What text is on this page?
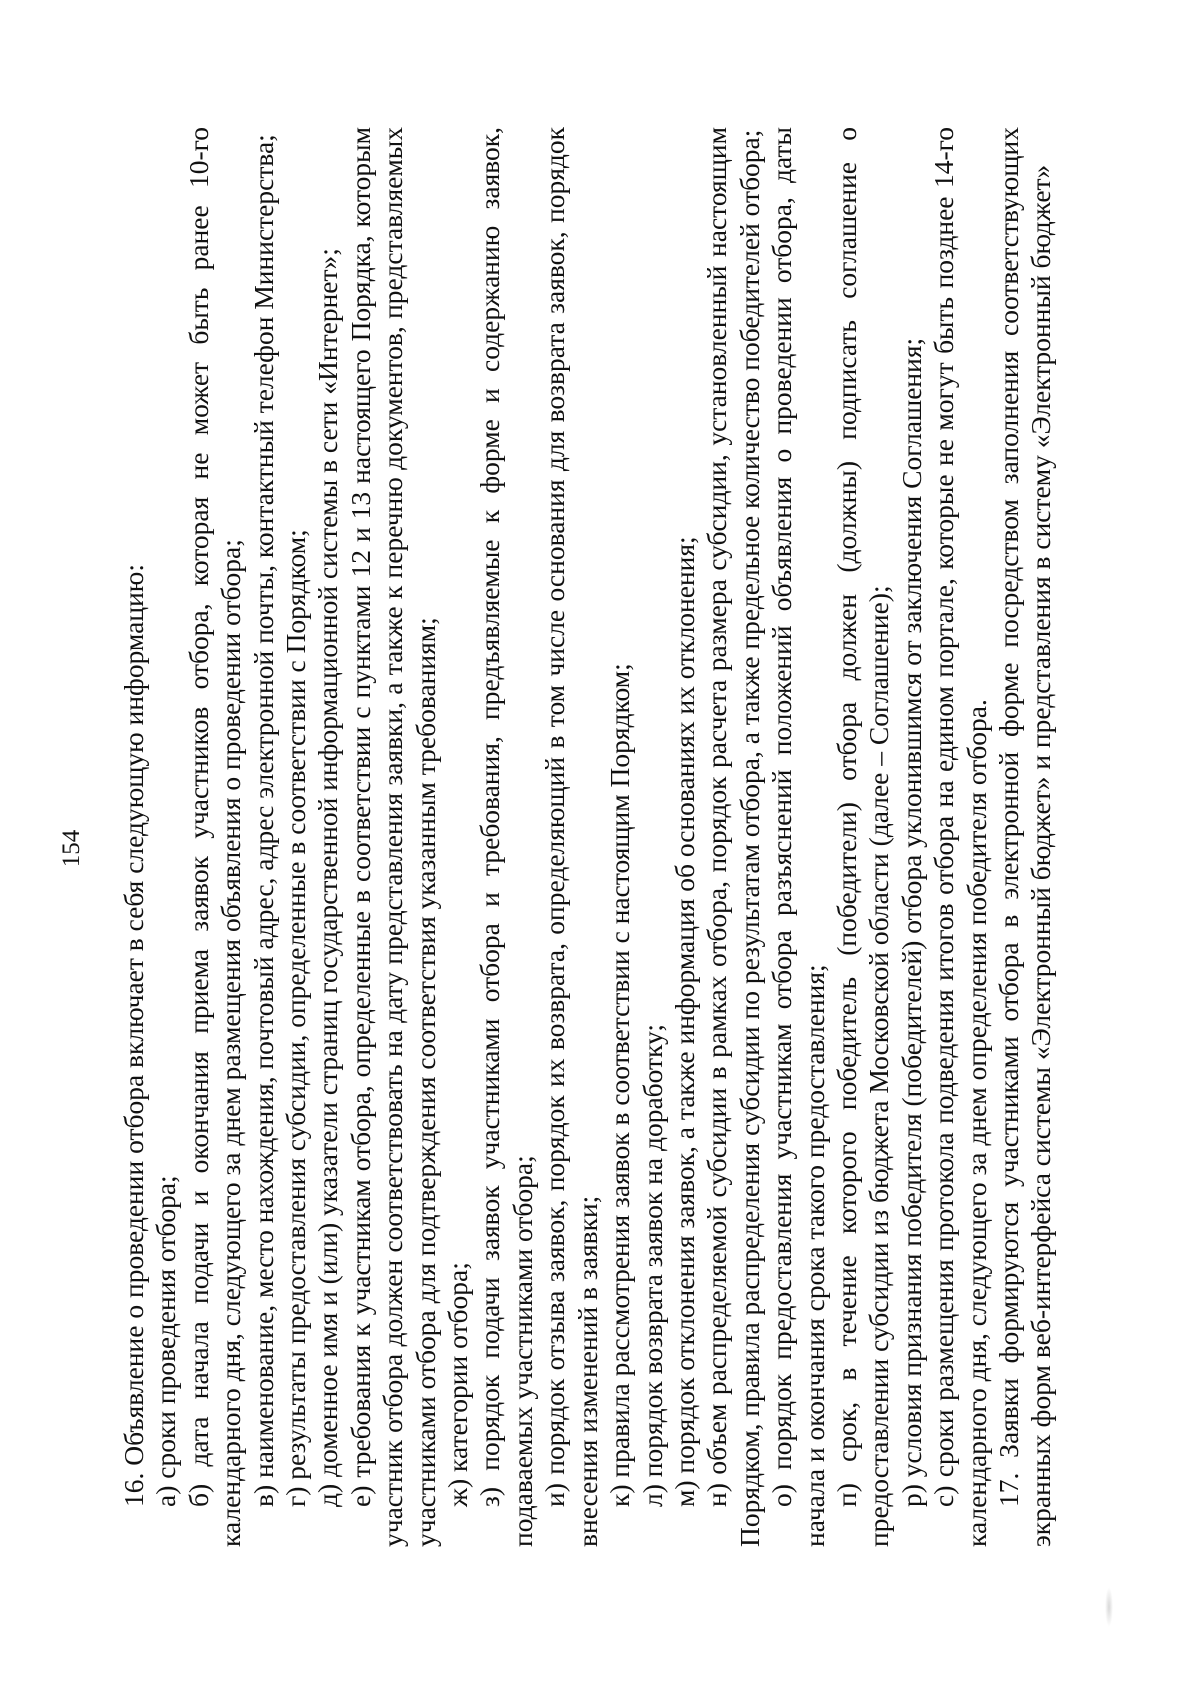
154 16. Объявление о проведении отбора включает в себя следующую информацию: а) сроки проведения отбора; б) дата начала подачи и окончания приема заявок участников отбора, которая не может быть ранее 10-го календарного дня, следующего за днем размещения объявления о проведении отбора; в) наименование, место нахождения, почтовый адрес, адрес электронной почты, контактный телефон Министерства; г) результаты предоставления субсидии, определенные в соответствии с Порядком; д) доменное имя и (или) указатели страниц государственной информационной системы в сети «Интернет»; е) требования к участникам отбора, определенные в соответствии с пунктами 12 и 13 настоящего Порядка, которым участник отбора должен соответствовать на дату представления заявки, а также к перечню документов, представляемых участниками отбора для подтверждения соответствия указанным требованиям; ж) категории отбора; з) порядок подачи заявок участниками отбора и требования, предъявляемые к форме и содержанию заявок, подаваемых участниками отбора; и) порядок отзыва заявок, порядок их возврата, определяющий в том числе основания для возврата заявок, порядок внесения изменений в заявки; к) правила рассмотрения заявок в соответствии с настоящим Порядком; л) порядок возврата заявок на доработку; м) порядок отклонения заявок, а также информация об основаниях их отклонения; н) объем распределяемой субсидии в рамках отбора, порядок расчета размера субсидии, установленный настоящим Порядком, правила распределения субсидии по результатам отбора, а также предельное количество победителей отбора; о) порядок предоставления участникам отбора разъяснений положений объявления о проведении отбора, даты начала и окончания срока такого предоставления; п) срок, в течение которого победитель (победители) отбора должен (должны) подписать соглашение о предоставлении субсидии из бюджета Московской области (далее – Соглашение); р) условия признания победителя (победителей) отбора уклонившимся от заключения Соглашения; с) сроки размещения протокола подведения итогов отбора на едином портале, которые не могут быть позднее 14-го календарного дня, следующего за днем определения победителя отбора. 17. Заявки формируются участниками отбора в электронной форме посредством заполнения соответствующих экранных форм веб-интерфейса системы «Электронный бюджет» и представления в систему «Электронный бюджет»
